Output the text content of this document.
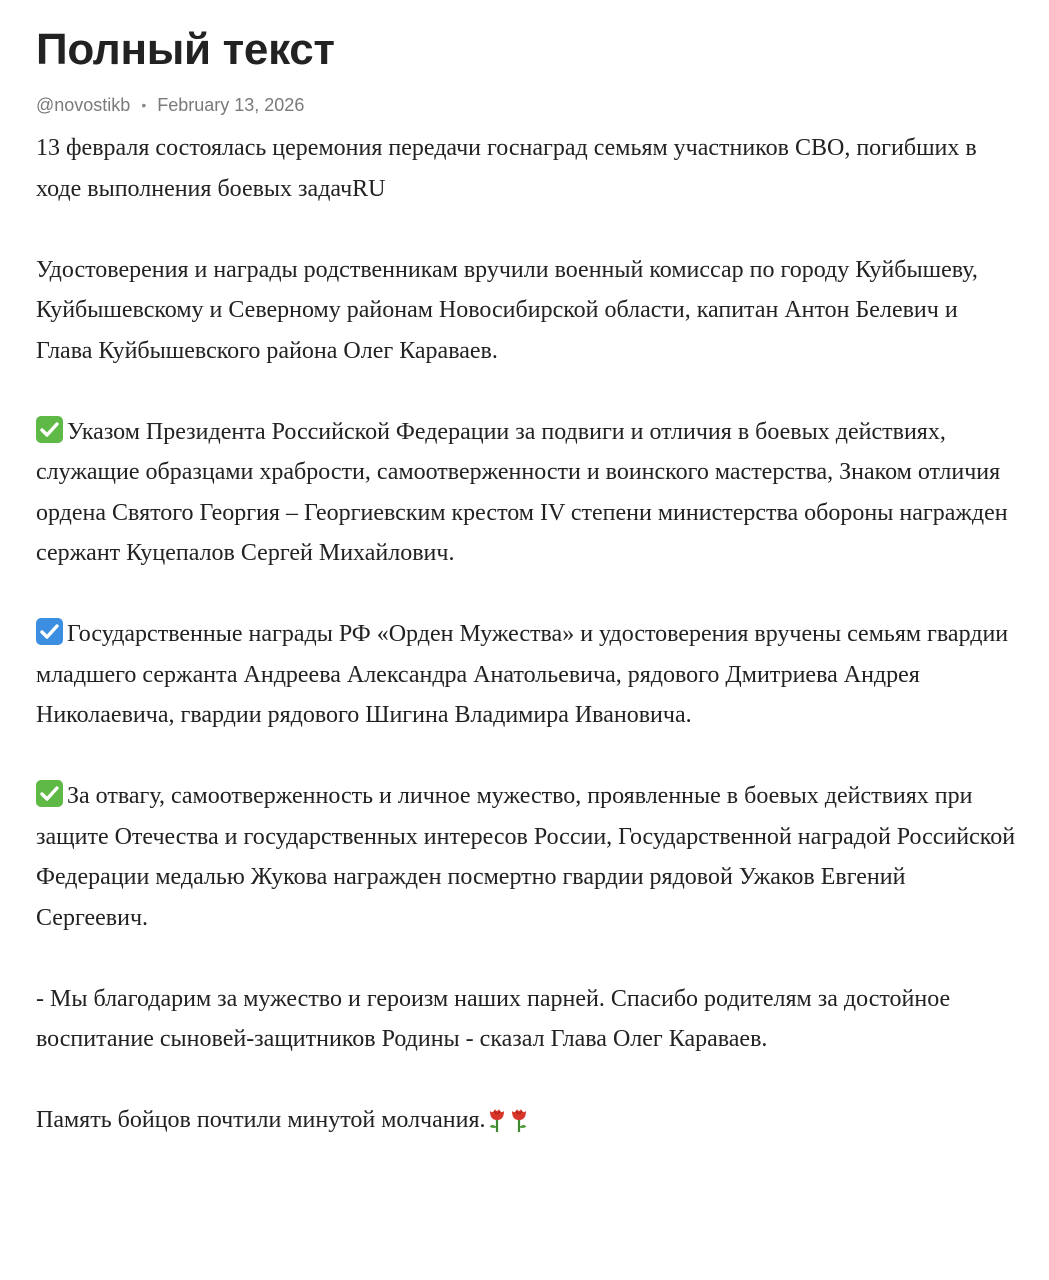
Полный текст
@novostikb • February 13, 2026

13 февраля состоялась церемония передачи госнаград семьям участников СВО, погибших в ходе выполнения боевых задачRU

Удостоверения и награды родственникам вручили военный комиссар по городу Куйбышеву, Куйбышевскому и Северному районам Новосибирской области, капитан Антон Белевич и Глава Куйбышевского района Олег Караваев.

Указом Президента Российской Федерации за подвиги и отличия в боевых действиях, служащие образцами храбрости, самоотверженности и воинского мастерства, Знаком отличия ордена Святого Георгия – Георгиевским крестом IV степени министерства обороны награжден сержант Куцепалов Сергей Михайлович.

Государственные награды РФ «Орден Мужества» и удостоверения вручены семьям гвардии младшего сержанта Андреева Александра Анатольевича, рядового Дмитриева Андрея Николаевича, гвардии рядового Шигина Владимира Ивановича.

За отвагу, самоотверженность и личное мужество, проявленные в боевых действиях при защите Отечества и государственных интересов России, Государственной наградой Российской Федерации медалью Жукова награжден посмертно гвардии рядовой Ужаков Евгений Сергеевич.

- Мы благодарим за мужество и героизм наших парней. Спасибо родителям за достойное воспитание сыновей-защитников Родины - сказал Глава Олег Караваев.

Память бойцов почтили минутой молчания.
